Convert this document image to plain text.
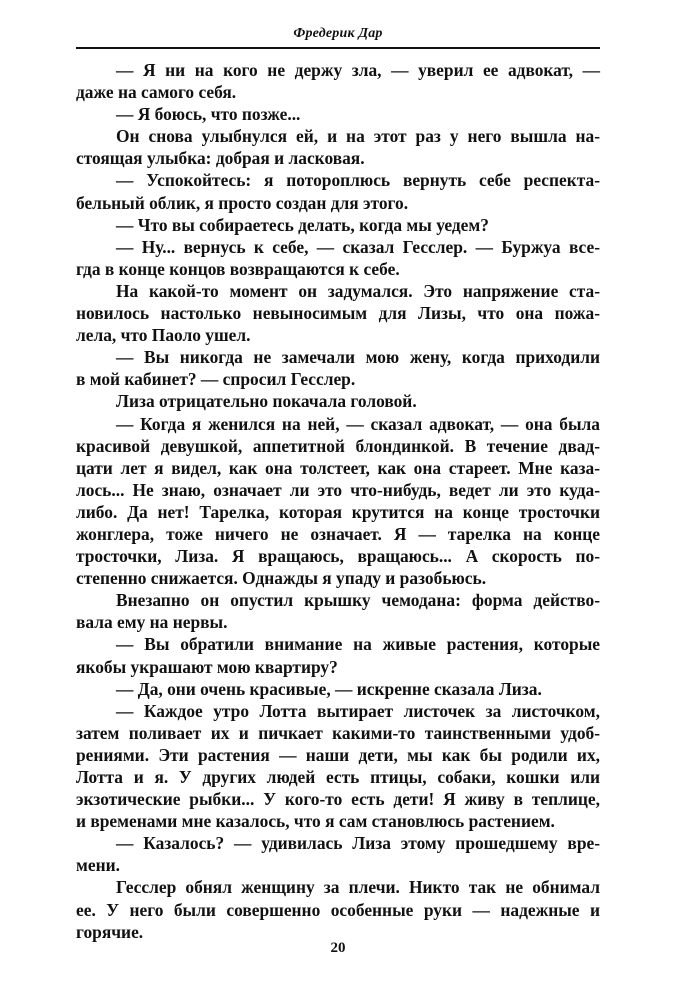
Фредерик Дар
— Я ни на кого не держу зла, — уверил ее адвокат, —
даже на самого себя.
— Я боюсь, что позже...
Он снова улыбнулся ей, и на этот раз у него вышла на-
стоящая улыбка: добрая и ласковая.
— Успокойтесь: я потороплюсь вернуть себе респекта-
бельный облик, я просто создан для этого.
— Что вы собираетесь делать, когда мы уедем?
— Ну... вернусь к себе, — сказал Гесслер. — Буржуа все-
гда в конце концов возвращаются к себе.
На какой-то момент он задумался. Это напряжение ста-
новилось настолько невыносимым для Лизы, что она пожа-
лела, что Паоло ушел.
— Вы никогда не замечали мою жену, когда приходили
в мой кабинет? — спросил Гесслер.
Лиза отрицательно покачала головой.
— Когда я женился на ней, — сказал адвокат, — она была
красивой девушкой, аппетитной блондинкой. В течение двад-
цати лет я видел, как она толстеет, как она стареет. Мне каза-
лось... Не знаю, означает ли это что-нибудь, ведет ли это куда-
либо. Да нет! Тарелка, которая крутится на конце тросточки
жонглера, тоже ничего не означает. Я — тарелка на конце
тросточки, Лиза. Я вращаюсь, вращаюсь... А скорость по-
степенно снижается. Однажды я упаду и разобьюсь.
Внезапно он опустил крышку чемодана: форма действо-
вала ему на нервы.
— Вы обратили внимание на живые растения, которые
якобы украшают мою квартиру?
— Да, они очень красивые, — искренне сказала Лиза.
— Каждое утро Лотта вытирает листочек за листочком,
затем поливает их и пичкает какими-то таинственными удоб-
рениями. Эти растения — наши дети, мы как бы родили их,
Лотта и я. У других людей есть птицы, собаки, кошки или
экзотические рыбки... У кого-то есть дети! Я живу в теплице,
и временами мне казалось, что я сам становлюсь растением.
— Казалось? — удивилась Лиза этому прошедшему вре-
мени.
Гесслер обнял женщину за плечи. Никто так не обнимал
ее. У него были совершенно особенные руки — надежные и
горячие.
20
